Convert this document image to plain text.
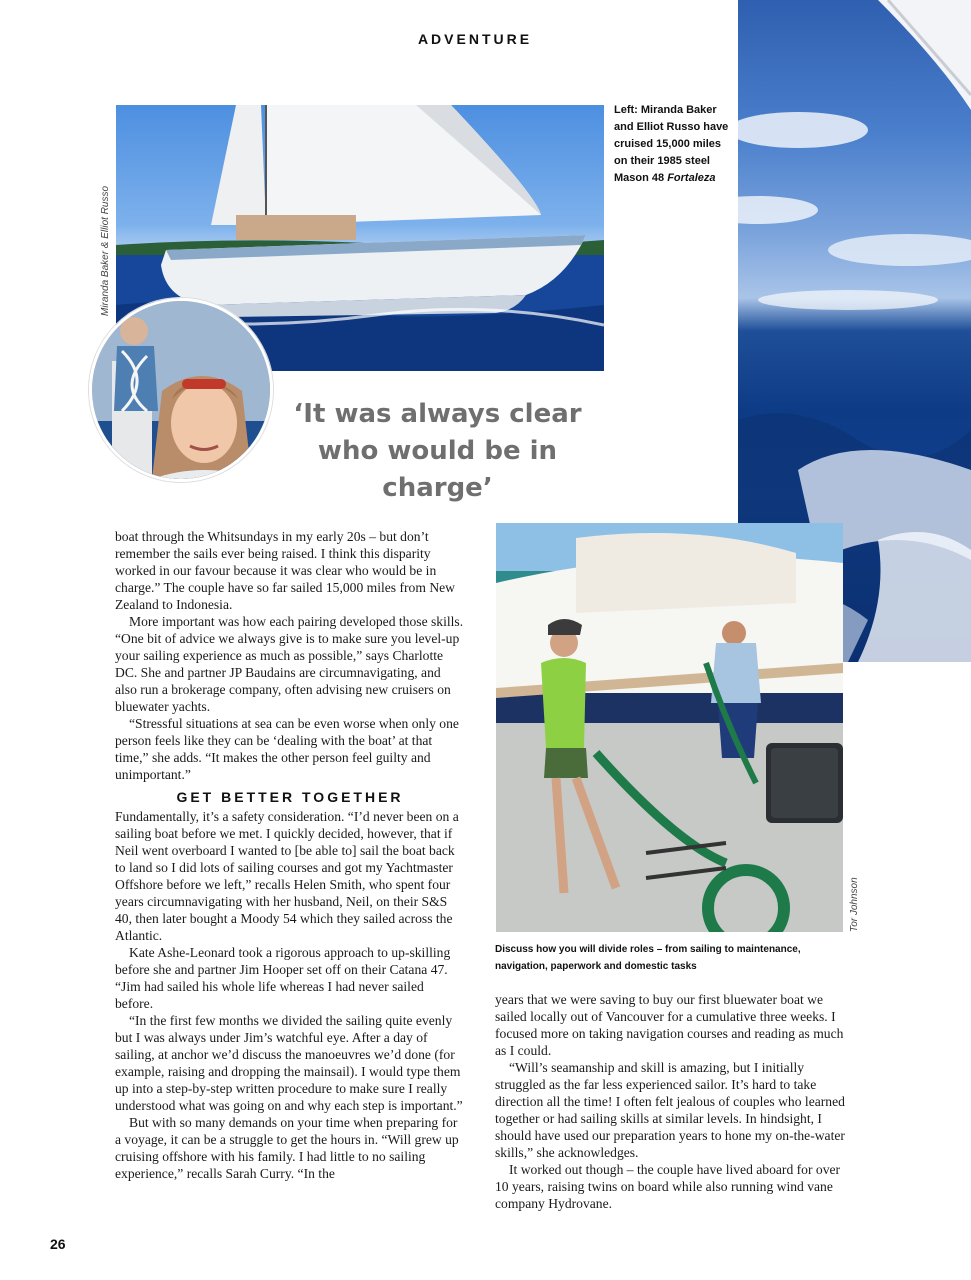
ADVENTURE
Miranda Baker & Elliot Russo
Left: Miranda Baker and Elliot Russo have cruised 15,000 miles on their 1985 steel Mason 48 Fortaleza
‘It was always clear who would be in charge’

boat through the Whitsundays in my early 20s – but don’t remember the sails ever being raised. I think this disparity worked in our favour because it was clear who would be in charge.” The couple have so far sailed 15,000 miles from New Zealand to Indonesia.

More important was how each pairing developed those skills. “One bit of advice we always give is to make sure you level-up your sailing experience as much as possible,” says Charlotte DC. She and partner JP Baudains are circumnavigating, and also run a brokerage company, often advising new cruisers on bluewater yachts.

“Stressful situations at sea can be even worse when only one person feels like they can be ‘dealing with the boat’ at that time,” she adds. “It makes the other person feel guilty and unimportant.”

GET BETTER TOGETHER

Fundamentally, it’s a safety consideration. “I’d never been on a sailing boat before we met. I quickly decided, however, that if Neil went overboard I wanted to [be able to] sail the boat back to land so I did lots of sailing courses and got my Yachtmaster Offshore before we left,” recalls Helen Smith, who spent four years circumnavigating with her husband, Neil, on their S&S 40, then later bought a Moody 54 which they sailed across the Atlantic.

Kate Ashe-Leonard took a rigorous approach to up-skilling before she and partner Jim Hooper set off on their Catana 47. “Jim had sailed his whole life whereas I had never sailed before.

“In the first few months we divided the sailing quite evenly but I was always under Jim’s watchful eye. After a day of sailing, at anchor we’d discuss the manoeuvres we’d done (for example, raising and dropping the mainsail). I would type them up into a step-by-step written procedure to make sure I really understood what was going on and why each step is important.”

But with so many demands on your time when preparing for a voyage, it can be a struggle to get the hours in. “Will grew up cruising offshore with his family. I had little to no sailing experience,” recalls Sarah Curry. “In the

Tor Johnson
Discuss how you will divide roles – from sailing to maintenance, navigation, paperwork and domestic tasks

years that we were saving to buy our first bluewater boat we sailed locally out of Vancouver for a cumulative three weeks. I focused more on taking navigation courses and reading as much as I could.

“Will’s seamanship and skill is amazing, but I initially struggled as the far less experienced sailor. It’s hard to take direction all the time! I often felt jealous of couples who learned together or had sailing skills at similar levels. In hindsight, I should have used our preparation years to hone my on-the-water skills,” she acknowledges.

It worked out though – the couple have lived aboard for over 10 years, raising twins on board while also running wind vane company Hydrovane.

26
